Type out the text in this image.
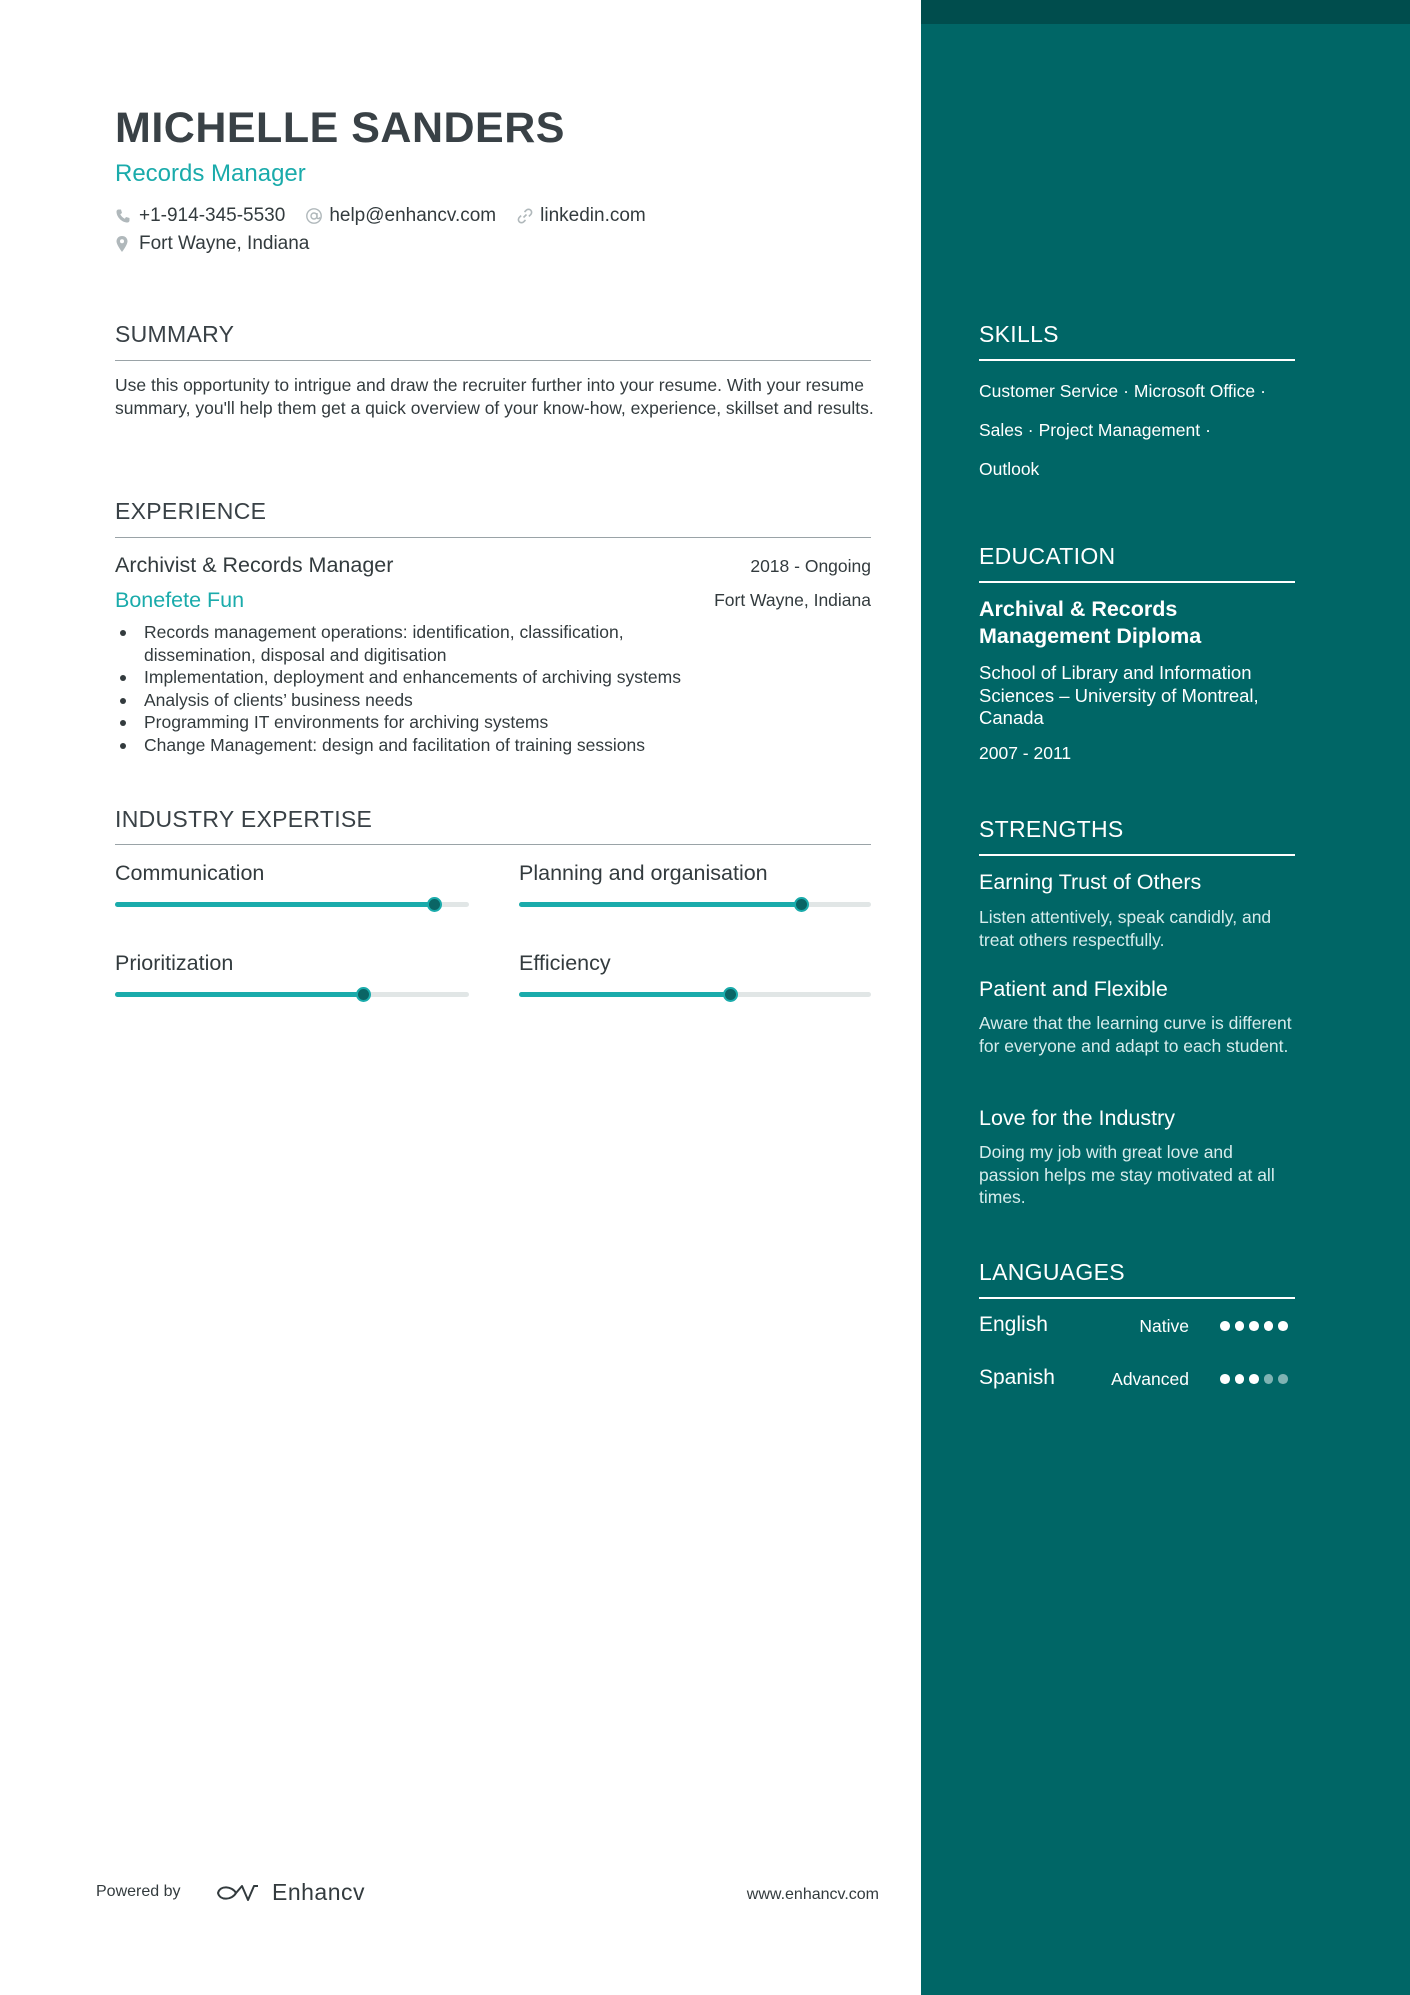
MICHELLE SANDERS
Records Manager
+1-914-345-5530 help@enhancv.com linkedin.com
Fort Wayne, Indiana
SUMMARY
Use this opportunity to intrigue and draw the recruiter further into your resume. With your resume summary, you'll help them get a quick overview of your know-how, experience, skillset and results.
EXPERIENCE
Archivist & Records Manager	2018 - Ongoing
Bonefete Fun	Fort Wayne, Indiana
Records management operations: identification, classification, dissemination, disposal and digitisation
Implementation, deployment and enhancements of archiving systems
Analysis of clients’ business needs
Programming IT environments for archiving systems
Change Management: design and facilitation of training sessions
INDUSTRY EXPERTISE
Communication	Planning and organisation
Prioritization	Efficiency
Powered by	Enhancv	www.enhancv.com
SKILLS
Customer Service · Microsoft Office ·
Sales · Project Management ·
Outlook
EDUCATION
Archival & Records Management Diploma
School of Library and Information Sciences – University of Montreal, Canada
2007 - 2011
STRENGTHS
Earning Trust of Others
Listen attentively, speak candidly, and treat others respectfully.
Patient and Flexible
Aware that the learning curve is different for everyone and adapt to each student.
Love for the Industry
Doing my job with great love and passion helps me stay motivated at all times.
LANGUAGES
English	Native
Spanish	Advanced
